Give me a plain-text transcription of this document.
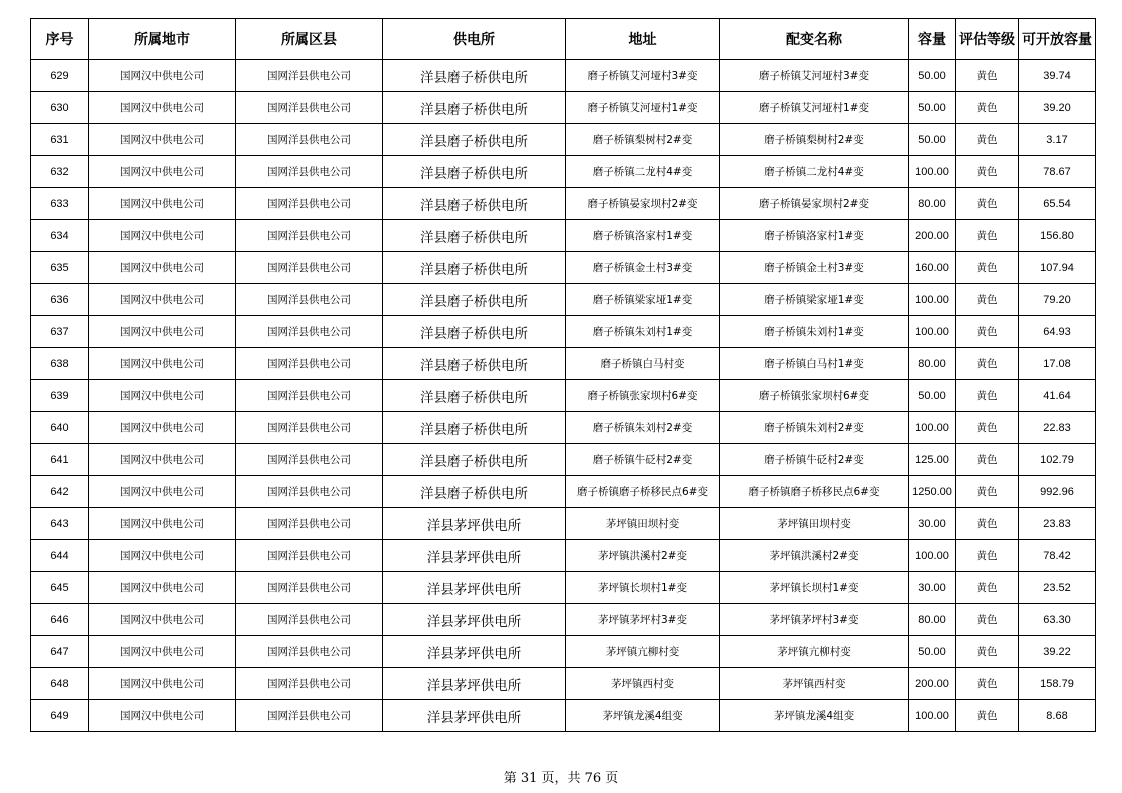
序号	所属地市	所属区县	供电所	地址	配变名称	容量	评估等级	可开放容量
629	国网汉中供电公司	国网洋县供电公司	洋县磨子桥供电所	磨子桥镇艾河垭村3#变	磨子桥镇艾河垭村3#变	50.00	黄色	39.74
630	国网汉中供电公司	国网洋县供电公司	洋县磨子桥供电所	磨子桥镇艾河垭村1#变	磨子桥镇艾河垭村1#变	50.00	黄色	39.20
631	国网汉中供电公司	国网洋县供电公司	洋县磨子桥供电所	磨子桥镇梨树村2#变	磨子桥镇梨树村2#变	50.00	黄色	3.17
632	国网汉中供电公司	国网洋县供电公司	洋县磨子桥供电所	磨子桥镇二龙村4#变	磨子桥镇二龙村4#变	100.00	黄色	78.67
633	国网汉中供电公司	国网洋县供电公司	洋县磨子桥供电所	磨子桥镇晏家坝村2#变	磨子桥镇晏家坝村2#变	80.00	黄色	65.54
634	国网汉中供电公司	国网洋县供电公司	洋县磨子桥供电所	磨子桥镇洛家村1#变	磨子桥镇洛家村1#变	200.00	黄色	156.80
635	国网汉中供电公司	国网洋县供电公司	洋县磨子桥供电所	磨子桥镇金土村3#变	磨子桥镇金土村3#变	160.00	黄色	107.94
636	国网汉中供电公司	国网洋县供电公司	洋县磨子桥供电所	磨子桥镇梁家垭1#变	磨子桥镇梁家垭1#变	100.00	黄色	79.20
637	国网汉中供电公司	国网洋县供电公司	洋县磨子桥供电所	磨子桥镇朱刘村1#变	磨子桥镇朱刘村1#变	100.00	黄色	64.93
638	国网汉中供电公司	国网洋县供电公司	洋县磨子桥供电所	磨子桥镇白马村变	磨子桥镇白马村1#变	80.00	黄色	17.08
639	国网汉中供电公司	国网洋县供电公司	洋县磨子桥供电所	磨子桥镇张家坝村6#变	磨子桥镇张家坝村6#变	50.00	黄色	41.64
640	国网汉中供电公司	国网洋县供电公司	洋县磨子桥供电所	磨子桥镇朱刘村2#变	磨子桥镇朱刘村2#变	100.00	黄色	22.83
641	国网汉中供电公司	国网洋县供电公司	洋县磨子桥供电所	磨子桥镇牛砭村2#变	磨子桥镇牛砭村2#变	125.00	黄色	102.79
642	国网汉中供电公司	国网洋县供电公司	洋县磨子桥供电所	磨子桥镇磨子桥移民点6#变	磨子桥镇磨子桥移民点6#变	1250.00	黄色	992.96
643	国网汉中供电公司	国网洋县供电公司	洋县茅坪供电所	茅坪镇田坝村变	茅坪镇田坝村变	30.00	黄色	23.83
644	国网汉中供电公司	国网洋县供电公司	洋县茅坪供电所	茅坪镇洪溪村2#变	茅坪镇洪溪村2#变	100.00	黄色	78.42
645	国网汉中供电公司	国网洋县供电公司	洋县茅坪供电所	茅坪镇长坝村1#变	茅坪镇长坝村1#变	30.00	黄色	23.52
646	国网汉中供电公司	国网洋县供电公司	洋县茅坪供电所	茅坪镇茅坪村3#变	茅坪镇茅坪村3#变	80.00	黄色	63.30
647	国网汉中供电公司	国网洋县供电公司	洋县茅坪供电所	茅坪镇亢柳村变	茅坪镇亢柳村变	50.00	黄色	39.22
648	国网汉中供电公司	国网洋县供电公司	洋县茅坪供电所	茅坪镇西村变	茅坪镇西村变	200.00	黄色	158.79
649	国网汉中供电公司	国网洋县供电公司	洋县茅坪供电所	茅坪镇龙溪4组变	茅坪镇龙溪4组变	100.00	黄色	8.68
第 31 页，共 76 页
